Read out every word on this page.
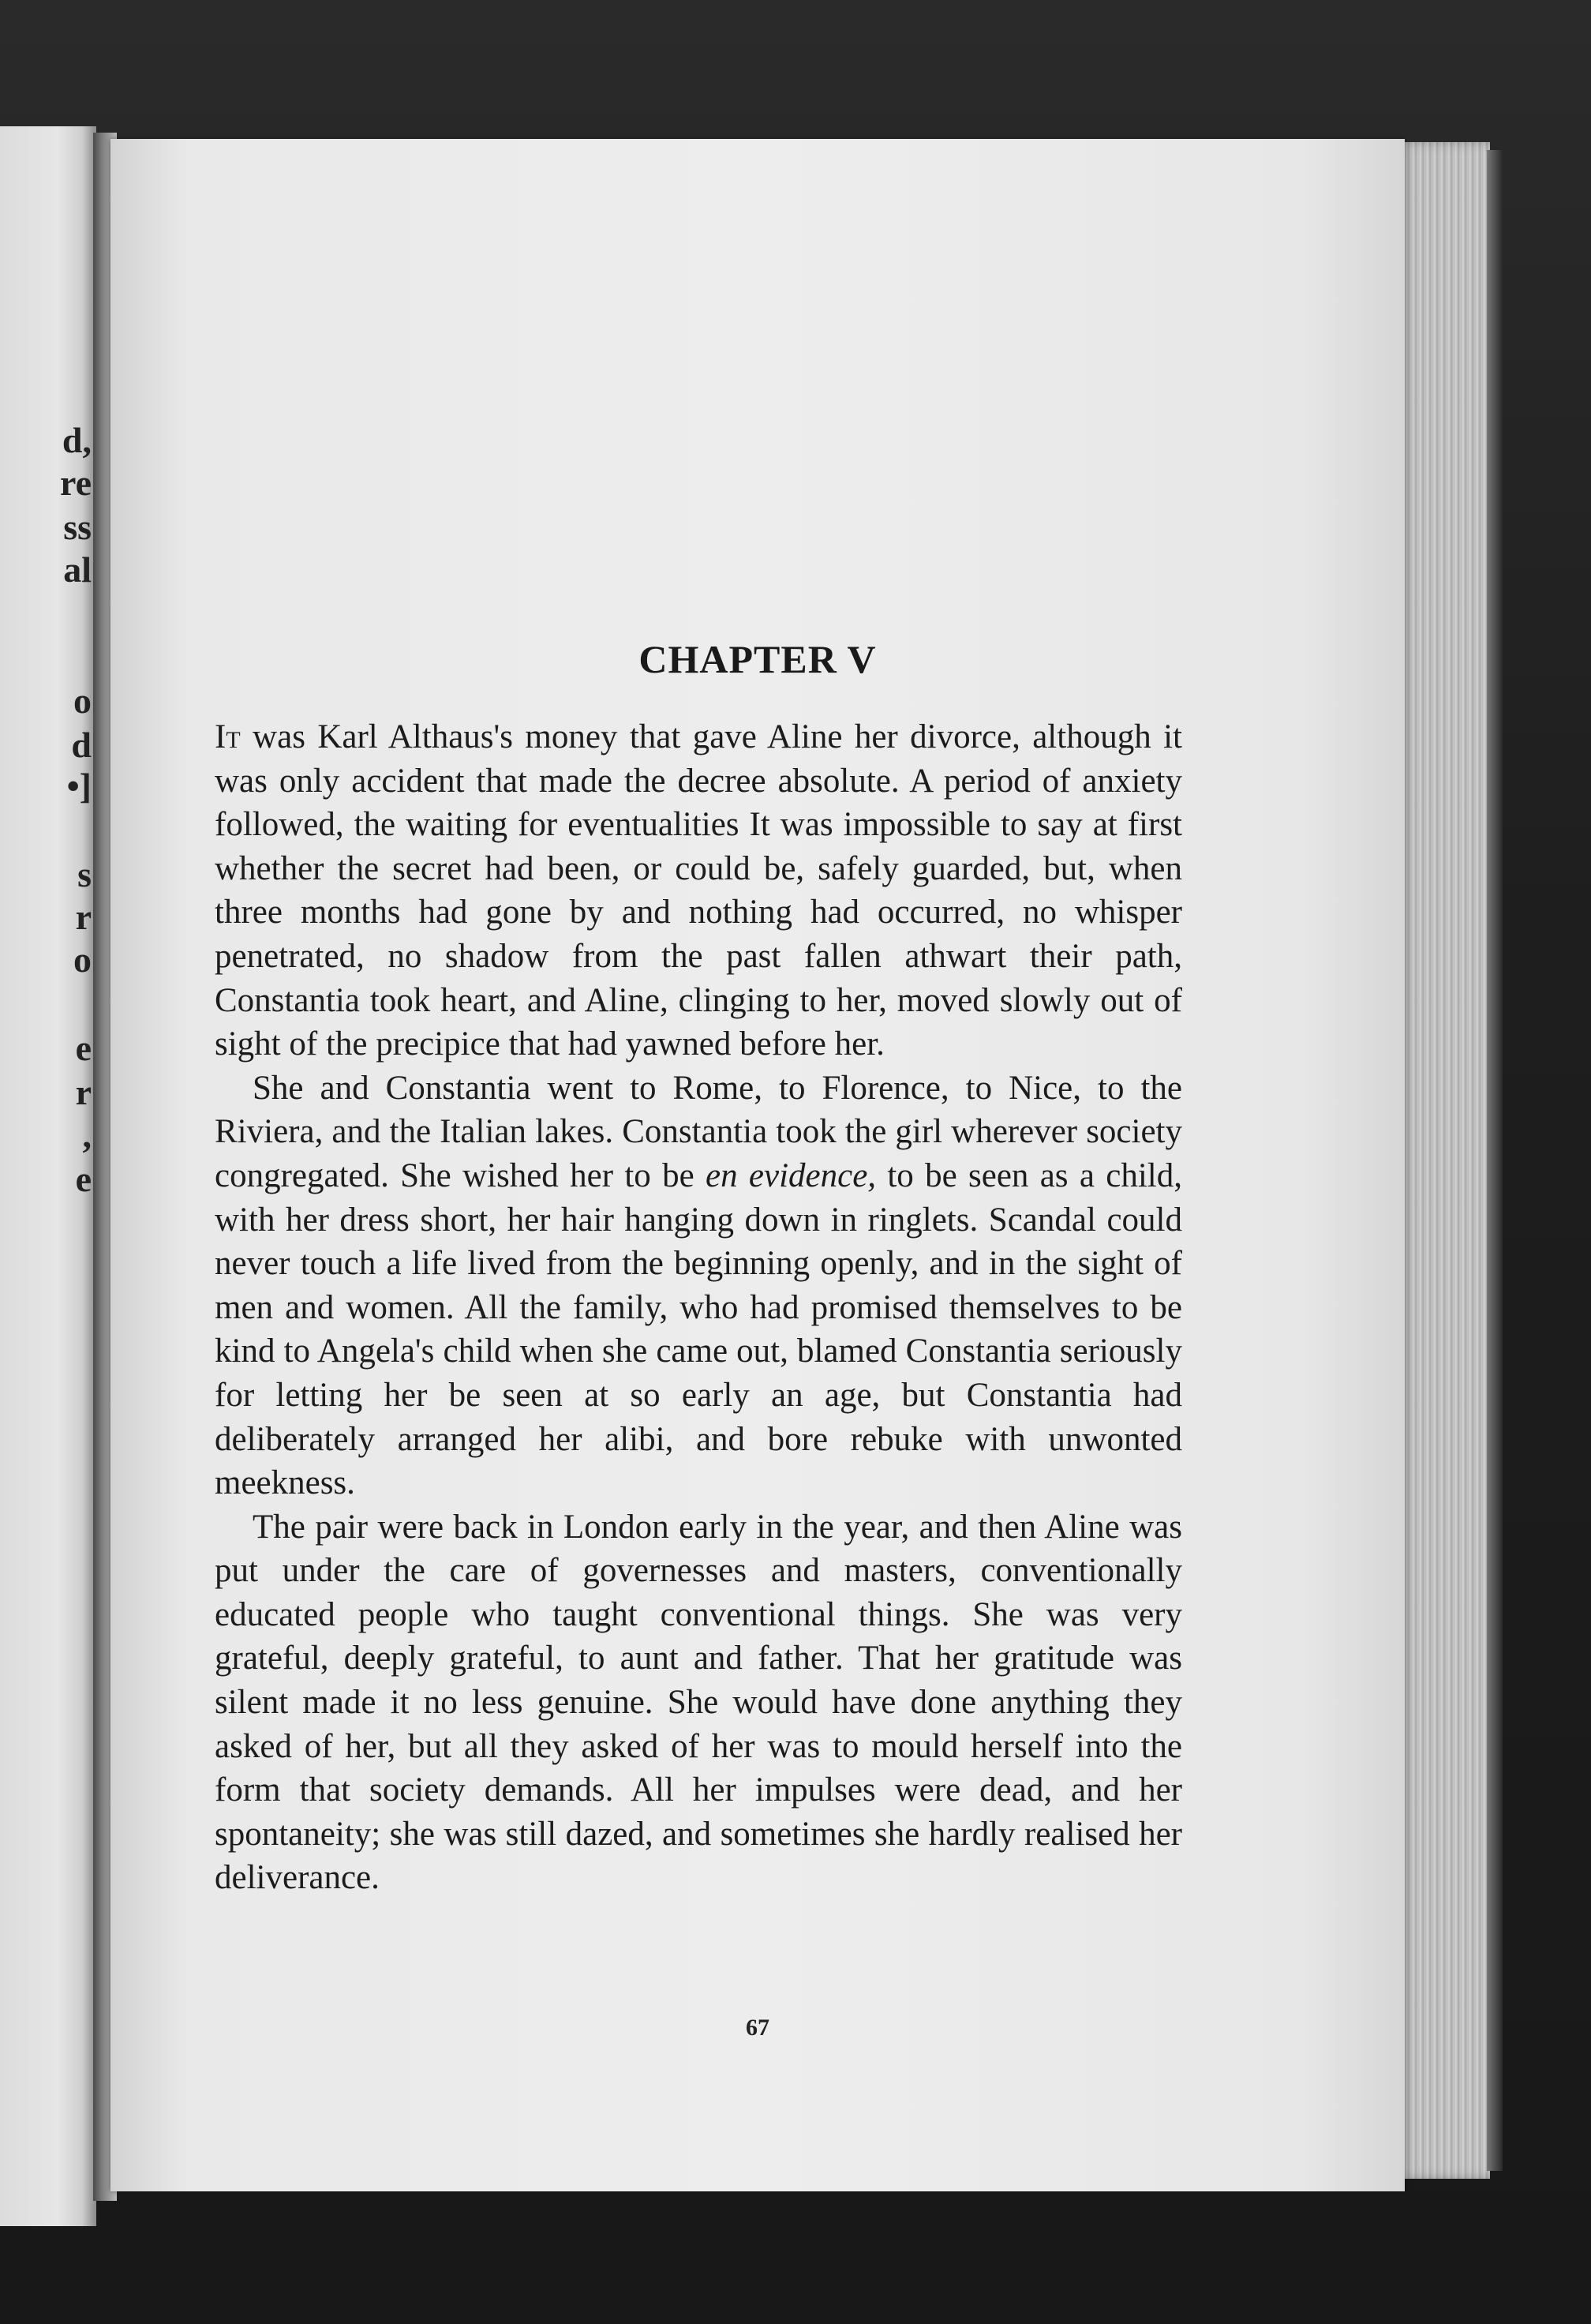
d,
re
ss
al
o
d
•]
s
r
o
e
r
,
e
CHAPTER V

It was Karl Althaus's money that gave Aline her divorce, although it was only accident that made the decree absolute. A period of anxiety followed, the waiting for eventualities It was impossible to say at first whether the secret had been, or could be, safely guarded, but, when three months had gone by and nothing had occurred, no whisper penetrated, no shadow from the past fallen athwart their path, Constantia took heart, and Aline, clinging to her, moved slowly out of sight of the precipice that had yawned before her.

She and Constantia went to Rome, to Florence, to Nice, to the Riviera, and the Italian lakes. Constantia took the girl wherever society congregated. She wished her to be en evidence, to be seen as a child, with her dress short, her hair hanging down in ringlets. Scandal could never touch a life lived from the beginning openly, and in the sight of men and women. All the family, who had promised themselves to be kind to Angela's child when she came out, blamed Constantia seriously for letting her be seen at so early an age, but Constantia had deliberately arranged her alibi, and bore rebuke with unwonted meekness.

The pair were back in London early in the year, and then Aline was put under the care of governesses and masters, conventionally educated people who taught conventional things. She was very grateful, deeply grateful, to aunt and father. That her gratitude was silent made it no less genuine. She would have done anything they asked of her, but all they asked of her was to mould herself into the form that society demands. All her impulses were dead, and her spontaneity; she was still dazed, and sometimes she hardly realised her deliverance.

67
